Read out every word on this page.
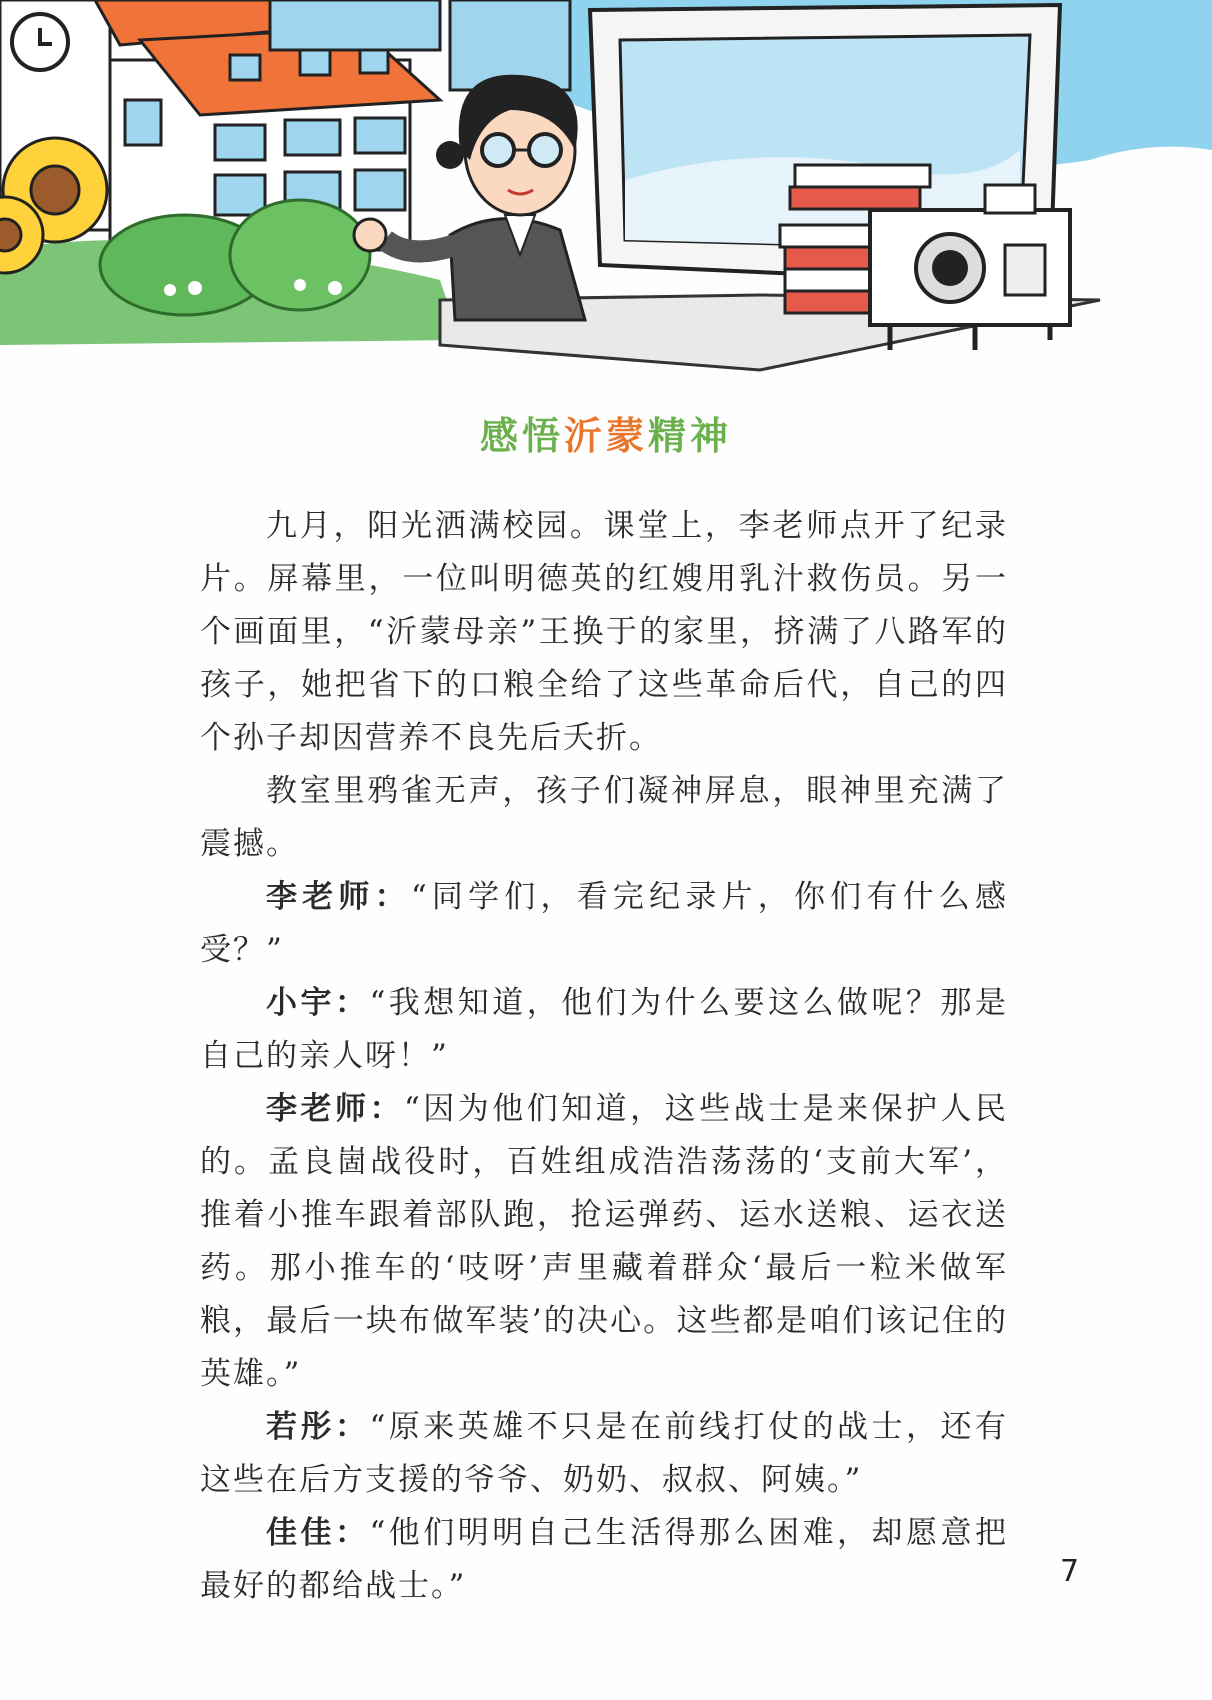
感悟沂蒙精神

九月，阳光洒满校园。课堂上，李老师点开了纪录片。屏幕里，一位叫明德英的红嫂用乳汁救伤员。另一个画面里，“沂蒙母亲”王换于的家里，挤满了八路军的孩子，她把省下的口粮全给了这些革命后代，自己的四个孙子却因营养不良先后夭折。

教室里鸦雀无声，孩子们凝神屏息，眼神里充满了震撼。

李老师：“同学们，看完纪录片，你们有什么感受？”

小宇：“我想知道，他们为什么要这么做呢？那是自己的亲人呀！”

李老师：“因为他们知道，这些战士是来保护人民的。孟良崮战役时，百姓组成浩浩荡荡的‘支前大军’，推着小推车跟着部队跑，抢运弹药、运水送粮、运衣送药。那小推车的‘吱呀’声里藏着群众‘最后一粒米做军粮，最后一块布做军装’的决心。这些都是咱们该记住的英雄。”

若彤：“原来英雄不只是在前线打仗的战士，还有这些在后方支援的爷爷、奶奶、叔叔、阿姨。”

佳佳：“他们明明自己生活得那么困难，却愿意把最好的都给战士。”	7
